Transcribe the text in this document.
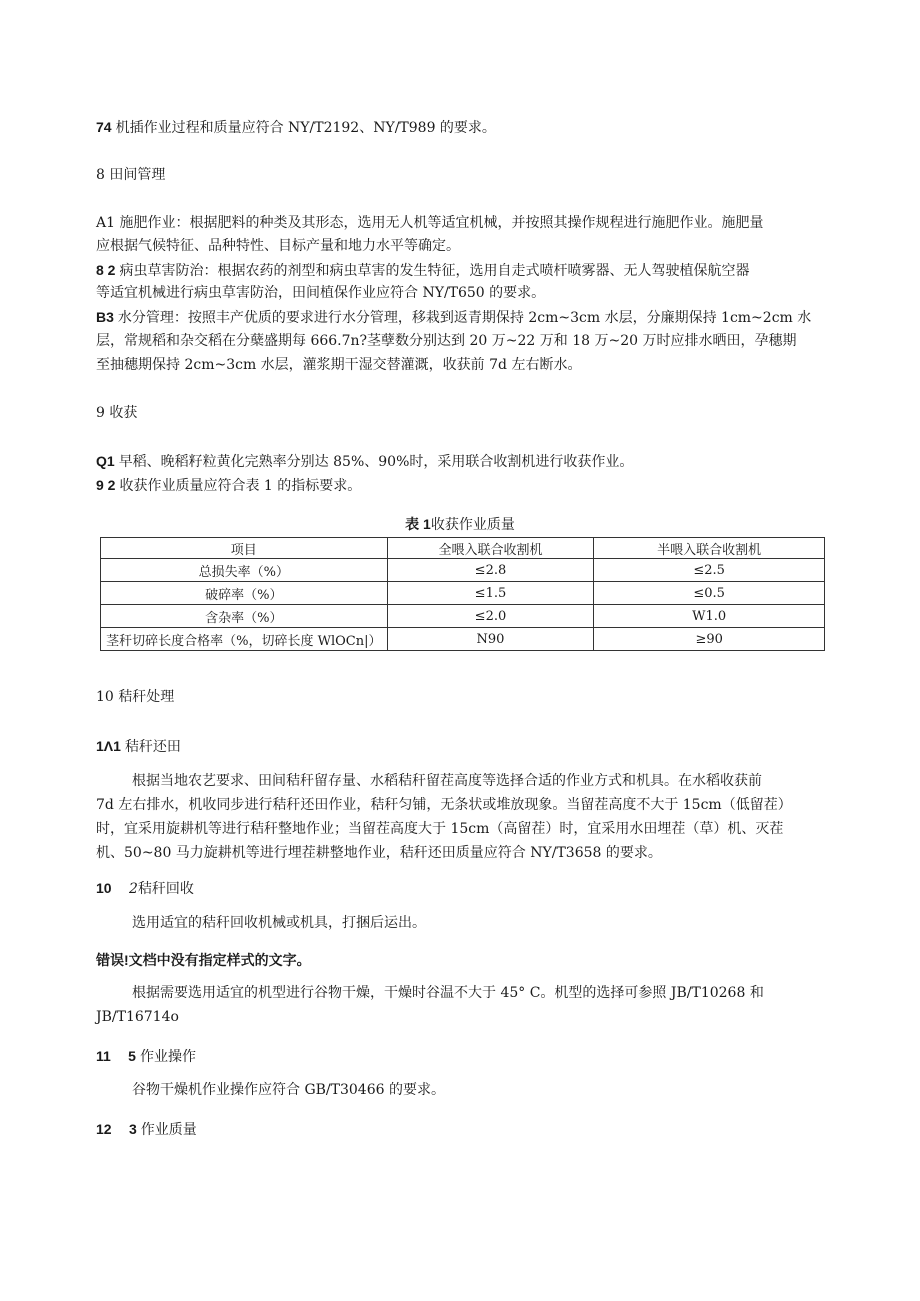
74 机插作业过程和质量应符合 NY/T2192、NY/T989 的要求。
8 田间管理
A1 施肥作业：根据肥料的种类及其形态，选用无人机等适宜机械，并按照其操作规程进行施肥作业。施肥量
应根据气候特征、品种特性、目标产量和地力水平等确定。
8 2 病虫草害防治：根据农药的剂型和病虫草害的发生特征，选用自走式喷杆喷雾器、无人驾驶植保航空器
等适宜机械进行病虫草害防治，田间植保作业应符合 NY/T650 的要求。
B3 水分管理：按照丰产优质的要求进行水分管理，移栽到返青期保持 2cm~3cm 水层，分廉期保持 1cm~2cm 水
层，常规稻和杂交稻在分蘖盛期每 666.7n?茎孽数分别达到 20 万~22 万和 18 万~20 万时应排水晒田，孕穗期
至抽穗期保持 2cm~3cm 水层，灌浆期干湿交替灌溉，收获前 7d 左右断水。
9 收获
Q1 早稻、晚稻籽粒黄化完熟率分别达 85%、90%时，采用联合收割机进行收获作业。
9 2 收获作业质量应符合表 1 的指标要求。
表 1收获作业质量
项目	全喂入联合收割机	半喂入联合收割机
总损失率（%）	≤2.8	≤2.5
破碎率（%）	≤1.5	≤0.5
含杂率（%）	≤2.0	W1.0
茎秆切碎长度合格率（%，切碎长度 WlOCn|）	N90	≥90
10 秸秆处理
1Λ1 秸秆还田
根据当地农艺要求、田间秸秆留存量、水稻秸秆留茬高度等选择合适的作业方式和机具。在水稻收获前
7d 左右排水，机收同步进行秸秆还田作业，秸秆匀铺，无条状或堆放现象。当留茬高度不大于 15cm（低留茬）
时，宜采用旋耕机等进行秸秆整地作业；当留茬高度大于 15cm（高留茬）时，宜采用水田埋茬（草）机、灭茬
机、50~80 马力旋耕机等进行埋茬耕整地作业，秸秆还田质量应符合 NY/T3658 的要求。
10 2秸秆回收
选用适宜的秸秆回收机械或机具，打捆后运出。
错误!文档中没有指定样式的文字。
根据需要选用适宜的机型进行谷物干燥，干燥时谷温不大于 45° C。机型的选择可参照 JB/T10268 和
JB/T16714o
11 5 作业操作
谷物干燥机作业操作应符合 GB/T30466 的要求。
12 3 作业质量
